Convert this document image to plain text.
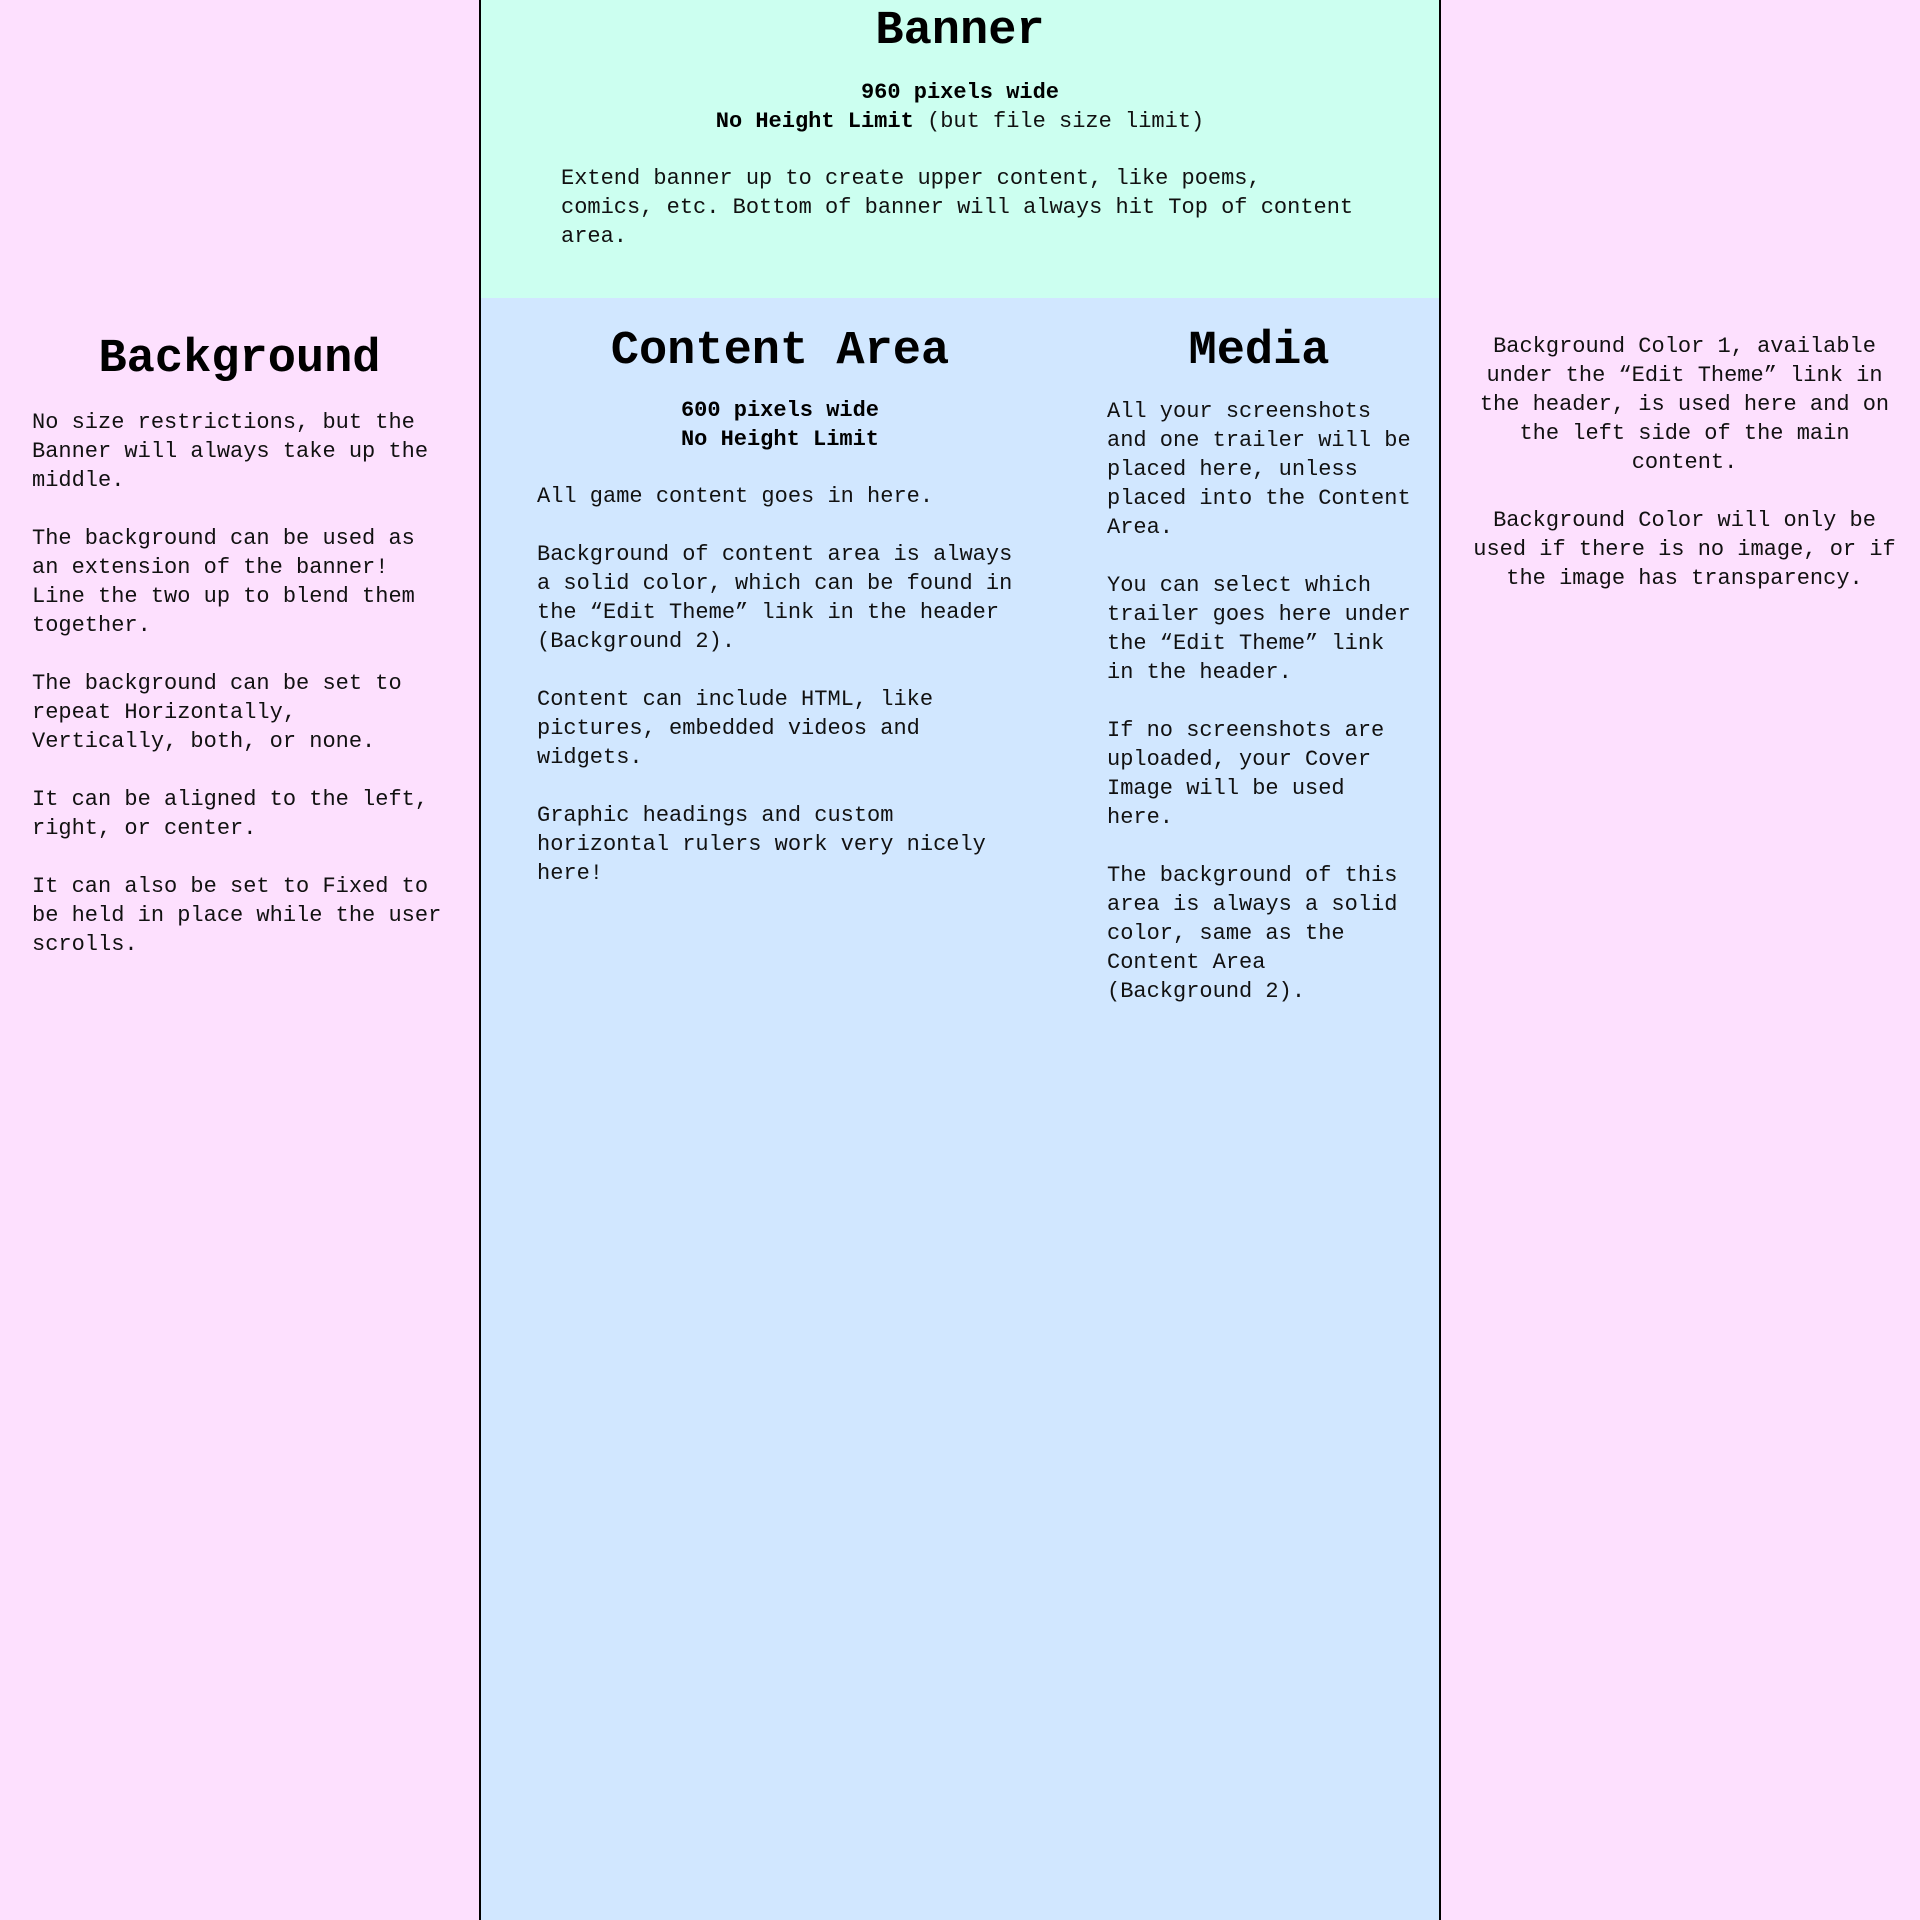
Background

No size restrictions, but the Banner will always take up the middle.

The background can be used as an extension of the banner! Line the two up to blend them together.

The background can be set to repeat Horizontally, Vertically, both, or none.

It can be aligned to the left, right, or center.

It can also be set to Fixed to be held in place while the user scrolls.

Banner
960 pixels wide
No Height Limit (but file size limit)

Extend banner up to create upper content, like poems, comics, etc. Bottom of banner will always hit Top of content area.

Content Area
600 pixels wide
No Height Limit

All game content goes in here.

Background of content area is always a solid color, which can be found in the “Edit Theme” link in the header (Background 2).

Content can include HTML, like pictures, embedded videos and widgets.

Graphic headings and custom horizontal rulers work very nicely here!

Media

All your screenshots and one trailer will be placed here, unless placed into the Content Area.

You can select which trailer goes here under the “Edit Theme” link in the header.

If no screenshots are uploaded, your Cover Image will be used here.

The background of this area is always a solid color, same as the Content Area (Background 2).

Background Color 1, available under the “Edit Theme” link in the header, is used here and on the left side of the main content.

Background Color will only be used if there is no image, or if the image has transparency.
